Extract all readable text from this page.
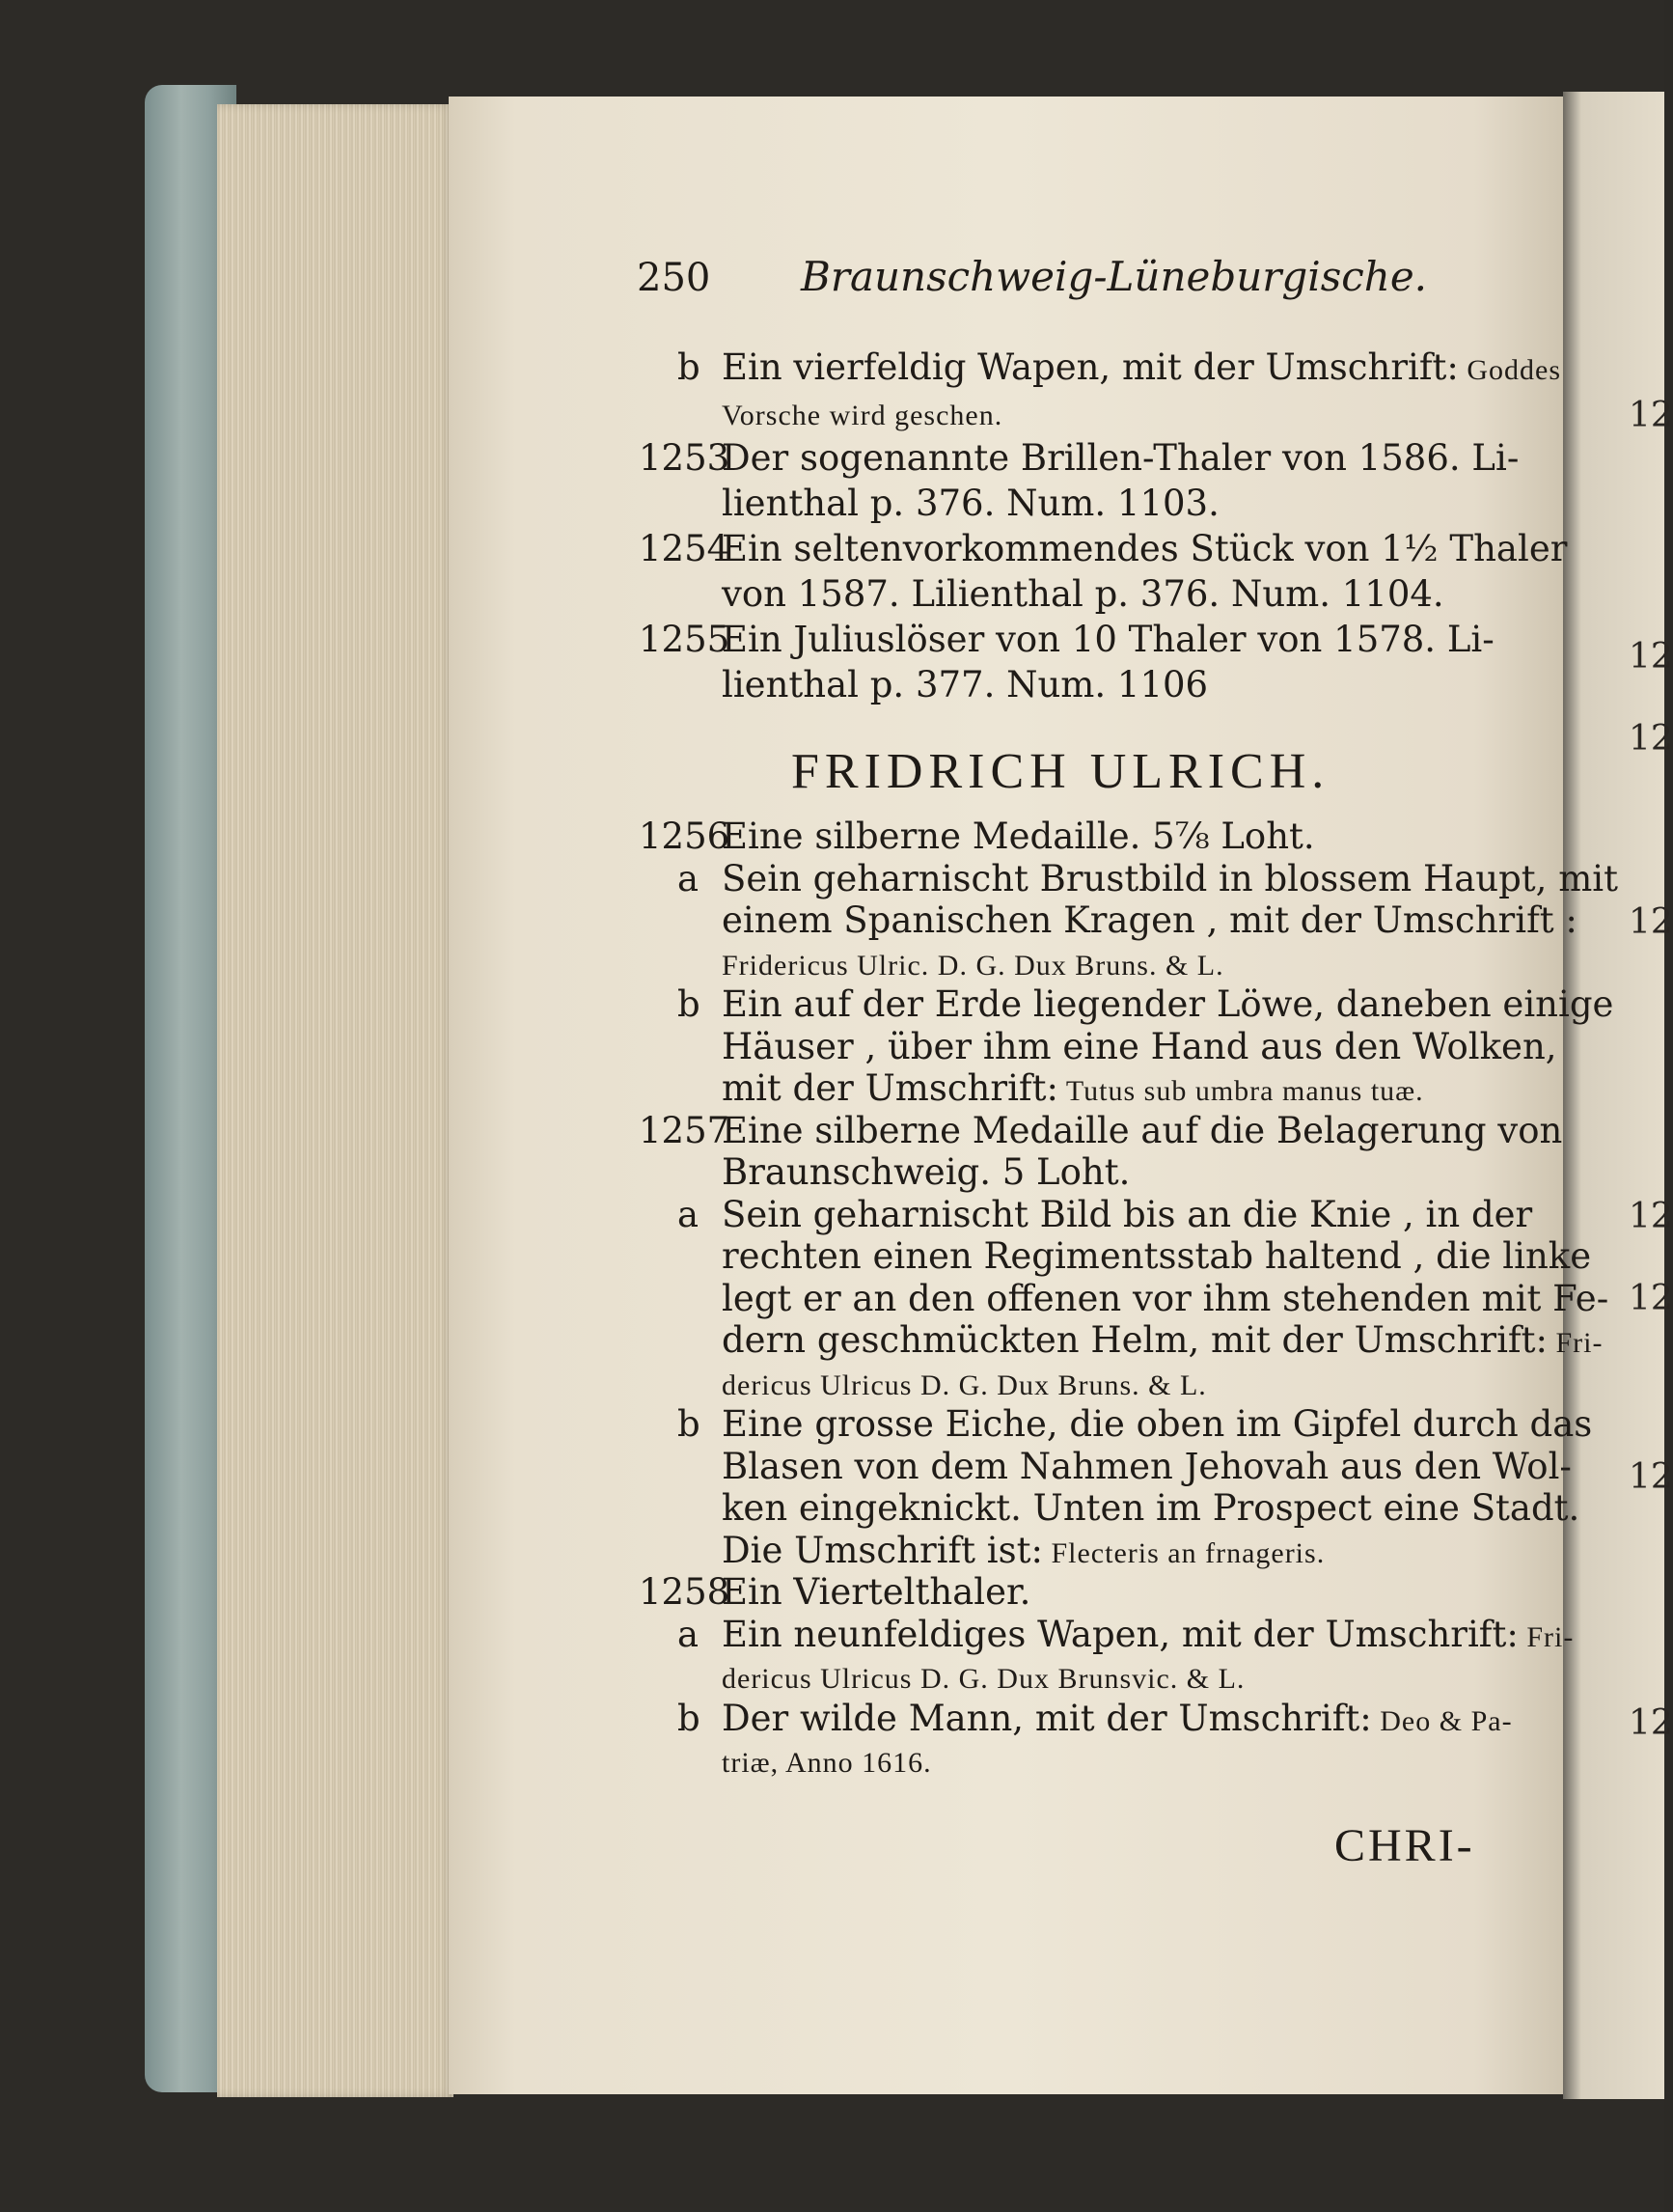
250 Braunschweig-Lüneburgische.
b Ein vierfeldig Wapen, mit der Umschrift: Goddes
Vorsche wird geschen.
1253
Der sogenannte Brillen-Thaler von 1586. Li-
lienthal p. 376. Num. 1103.
1254
Ein seltenvorkommendes Stück von 1½ Thaler
von 1587. Lilienthal p. 376. Num. 1104.
1255
Ein Juliuslöser von 10 Thaler von 1578. Li-
lienthal p. 377. Num. 1106
FRIDRICH ULRICH.
1256
Eine silberne Medaille. 5⅞ Loht.
a Sein geharnischt Brustbild in blossem Haupt, mit
einem Spanischen Kragen , mit der Umschrift :
Fridericus Ulric. D. G. Dux Bruns. & L.
b Ein auf der Erde liegender Löwe, daneben einige
Häuser , über ihm eine Hand aus den Wolken,
mit der Umschrift: Tutus sub umbra manus tuæ.
1257
Eine silberne Medaille auf die Belagerung von
Braunschweig. 5 Loht.
a Sein geharnischt Bild bis an die Knie , in der
rechten einen Regimentsstab haltend , die linke
legt er an den offenen vor ihm stehenden mit Fe-
dern geschmückten Helm, mit der Umschrift: Fri-
dericus Ulricus D. G. Dux Bruns. & L.
b Eine grosse Eiche, die oben im Gipfel durch das
Blasen von dem Nahmen Jehovah aus den Wol-
ken eingeknickt. Unten im Prospect eine Stadt.
Die Umschrift ist: Flecteris an frnageris.
1258
Ein Viertelthaler.
a Ein neunfeldiges Wapen, mit der Umschrift: Fri-
dericus Ulricus D. G. Dux Brunsvic. & L.
b Der wilde Mann, mit der Umschrift: Deo & Pa-
triæ, Anno 1616.
CHRI-
12
12
12
12
12
12
12
12
